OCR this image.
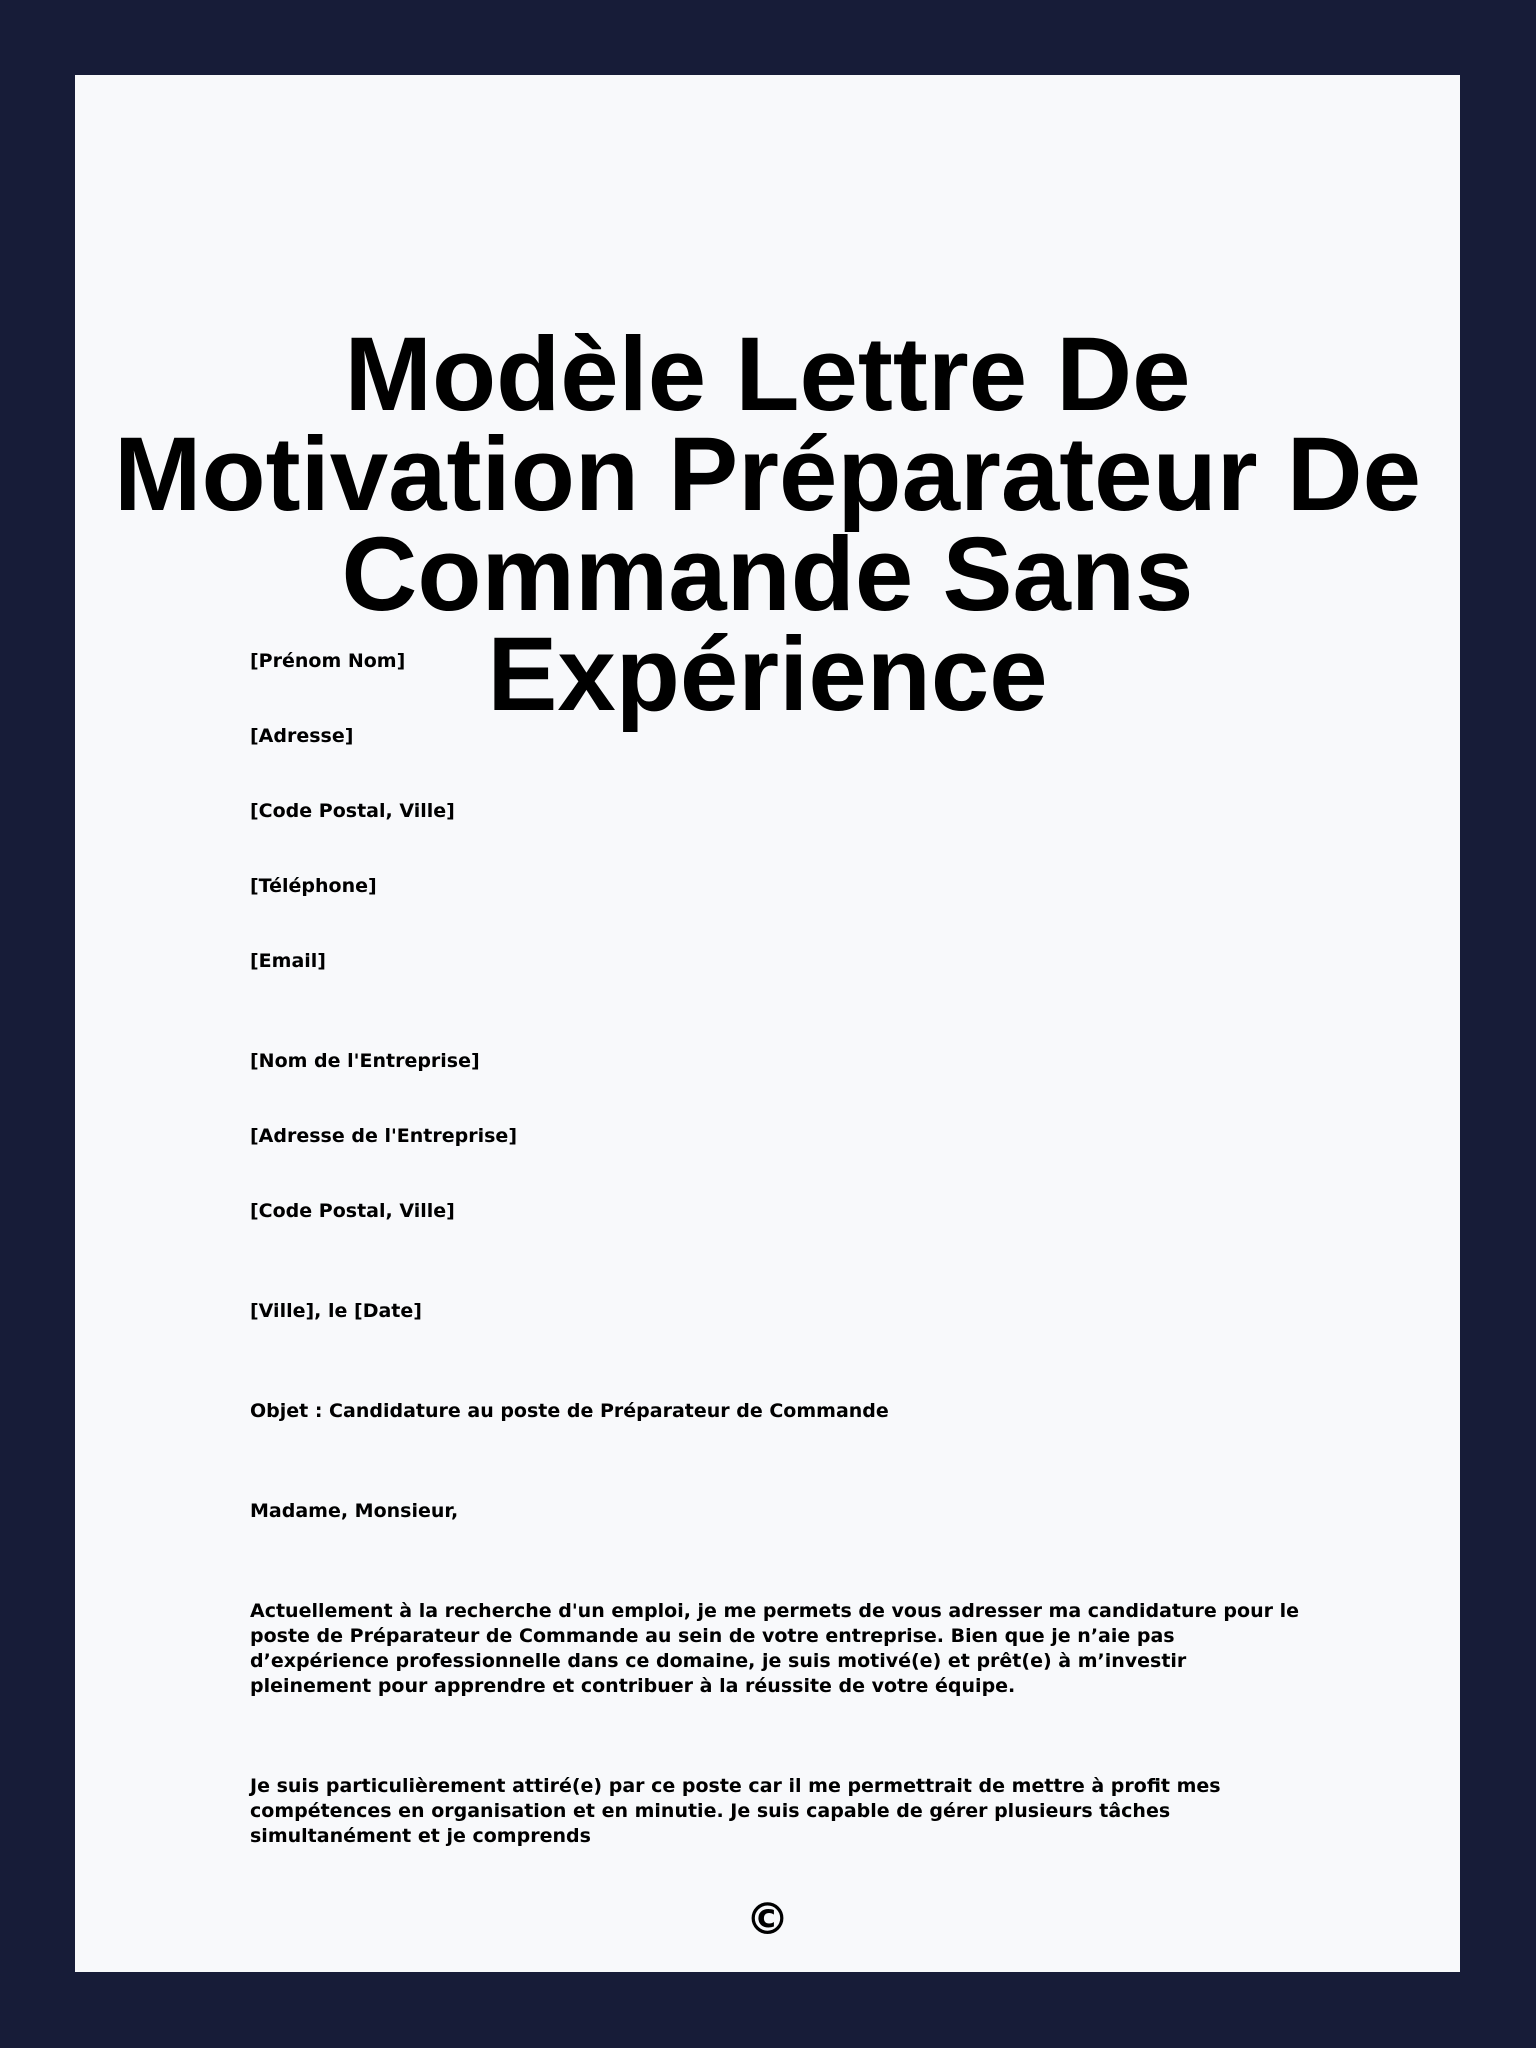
Modèle Lettre De Motivation Préparateur De Commande Sans Expérience
[Prénom Nom]
[Adresse]
[Code Postal, Ville]
[Téléphone]
[Email]
[Nom de l'Entreprise]
[Adresse de l'Entreprise]
[Code Postal, Ville]
[Ville], le [Date]
Objet : Candidature au poste de Préparateur de Commande
Madame, Monsieur,
Actuellement à la recherche d'un emploi, je me permets de vous adresser ma candidature pour le poste de Préparateur de Commande au sein de votre entreprise. Bien que je n’aie pas d’expérience professionnelle dans ce domaine, je suis motivé(e) et prêt(e) à m’investir pleinement pour apprendre et contribuer à la réussite de votre équipe.
Je suis particulièrement attiré(e) par ce poste car il me permettrait de mettre à profit mes compétences en organisation et en minutie. Je suis capable de gérer plusieurs tâches simultanément et je comprends
©
